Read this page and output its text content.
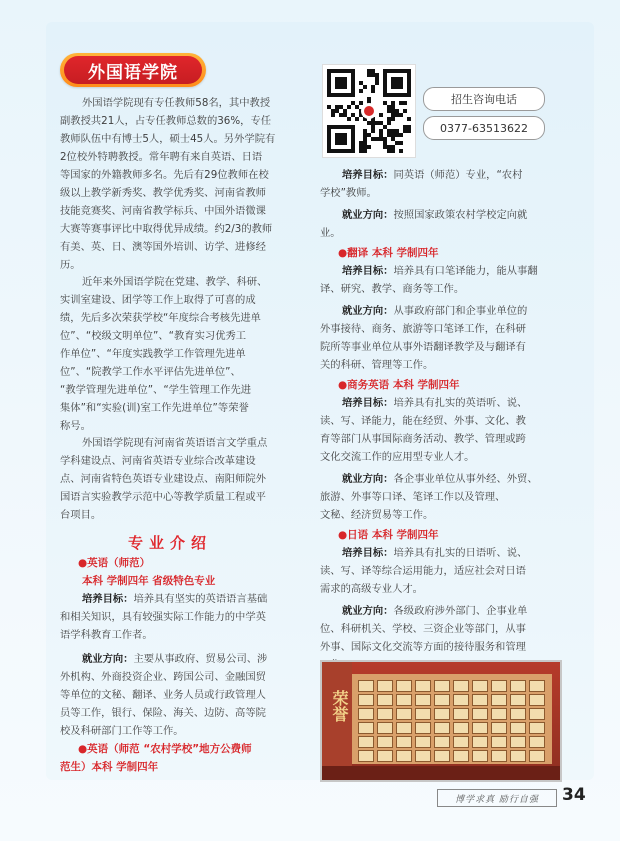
外国语学院
外国语学院现有专任教师58名，其中教授
副教授共21人，占专任教师总数的36%，专任
教师队伍中有博士5人，硕士45人。另外学院有
2位校外特聘教授。常年聘有来自英语、日语
等国家的外籍教师多名。先后有29位教师在校
级以上教学新秀奖、教学优秀奖、河南省教师
技能竞赛奖、河南省教学标兵、中国外语微课
大赛等赛事评比中取得优异成绩。约2/3的教师
有美、英、日、澳等国外培训、访学、进修经
历。
近年来外国语学院在党建、教学、科研、
实训室建设、团学等工作上取得了可喜的成
绩，先后多次荣获学校“年度综合考核先进单
位”、“校级文明单位”、“教育实习优秀工
作单位”、“年度实践教学工作管理先进单
位”、“院教学工作水平评估先进单位”、
“教学管理先进单位”、“学生管理工作先进
集体”和“实验(训)室工作先进单位”等荣誉
称号。
外国语学院现有河南省英语语言文学重点
学科建设点、河南省英语专业综合改革建设
点、河南省特色英语专业建设点、南阳师院外
国语言实验教学示范中心等教学质量工程或平
台项目。
专业介绍
●英语（师范）
本科 学制四年 省级特色专业
培养目标：培养具有坚实的英语语言基础
和相关知识，具有较强实际工作能力的中学英
语学科教育工作者。
就业方向：主要从事政府、贸易公司、涉
外机构、外商投资企业、跨国公司、金融国贸
等单位的文秘、翻译、业务人员或行政管理人
员等工作，银行、保险、海关、边防、高等院
校及科研部门工作等工作。
●英语（师范 “农村学校”地方公费师
范生）本科 学制四年
招生咨询电话
0377-63513622
培养目标：同英语（师范）专业，“农村
学校”教师。
就业方向：按照国家政策农村学校定向就
业。
●翻译 本科 学制四年
培养目标：培养具有口笔译能力，能从事翻
译、研究、教学、商务等工作。
就业方向：从事政府部门和企事业单位的
外事接待、商务、旅游等口笔译工作，在科研
院所等事业单位从事外语翻译教学及与翻译有
关的科研、管理等工作。
●商务英语 本科 学制四年
培养目标：培养具有扎实的英语听、说、
读、写、译能力，能在经贸、外事、文化、教
育等部门从事国际商务活动、教学、管理或跨
文化交流工作的应用型专业人才。
就业方向：各企事业单位从事外经、外贸、
旅游、外事等口译、笔译工作以及管理、
文秘、经济贸易等工作。
●日语 本科 学制四年
培养目标：培养具有扎实的日语听、说、
读、写、译等综合运用能力，适应社会对日语
需求的高级专业人才。
就业方向：各级政府涉外部门、企事业单
位、科研机关、学校、三资企业等部门，从事
外事、国际文化交流等方面的接待服务和管理
荣誉
博学求真 励行自强	34
